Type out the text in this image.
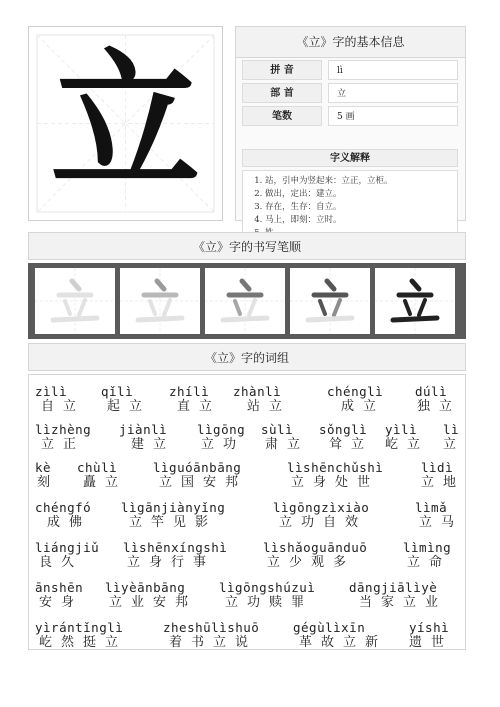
立	《立》字的基本信息
拼 音	lì
部 首	立
笔数	5 画
字义解释
1. 站，引申为竖起来：立正，立柜。
2. 做出，定出：建立。
3. 存在，生存：自立。
4. 马上，即刻：立时。
5.
《立》字的书写笔顺
《立》字的词组
zìlì
自立
qǐlì
起立
zhílì
直立
zhànlì
站立
chénglì
成立
dúlì
独立
lìzhèng
立正
jiànlì
建立
lìgōng
立功
sùlì
肃立
sǒnglì
耸立
yìlì
屹立
lì
立
kè
刻
chùlì
矗立
lìguóānbāng
立国安邦
lìshēnchǔshì
立身处世
lìdì
立地
chéngfó
成佛
lìgānjiànyǐng
立竿见影
lìgōngzìxiào
立功自效
lìmǎ
立马
liángjiǔ
良久
lìshēnxíngshì
立身行事
lìshǎoguānduō
立少观多
lìmìng
立命
ānshēn
安身
lìyèānbāng
立业安邦
lìgōngshúzuì
立功赎罪
dāngjiālìyè
当家立业
yìrántǐnglì
屹然挺立
zheshūlìshuō
着书立说
gégùlìxīn
革故立新
yíshì
遗世
